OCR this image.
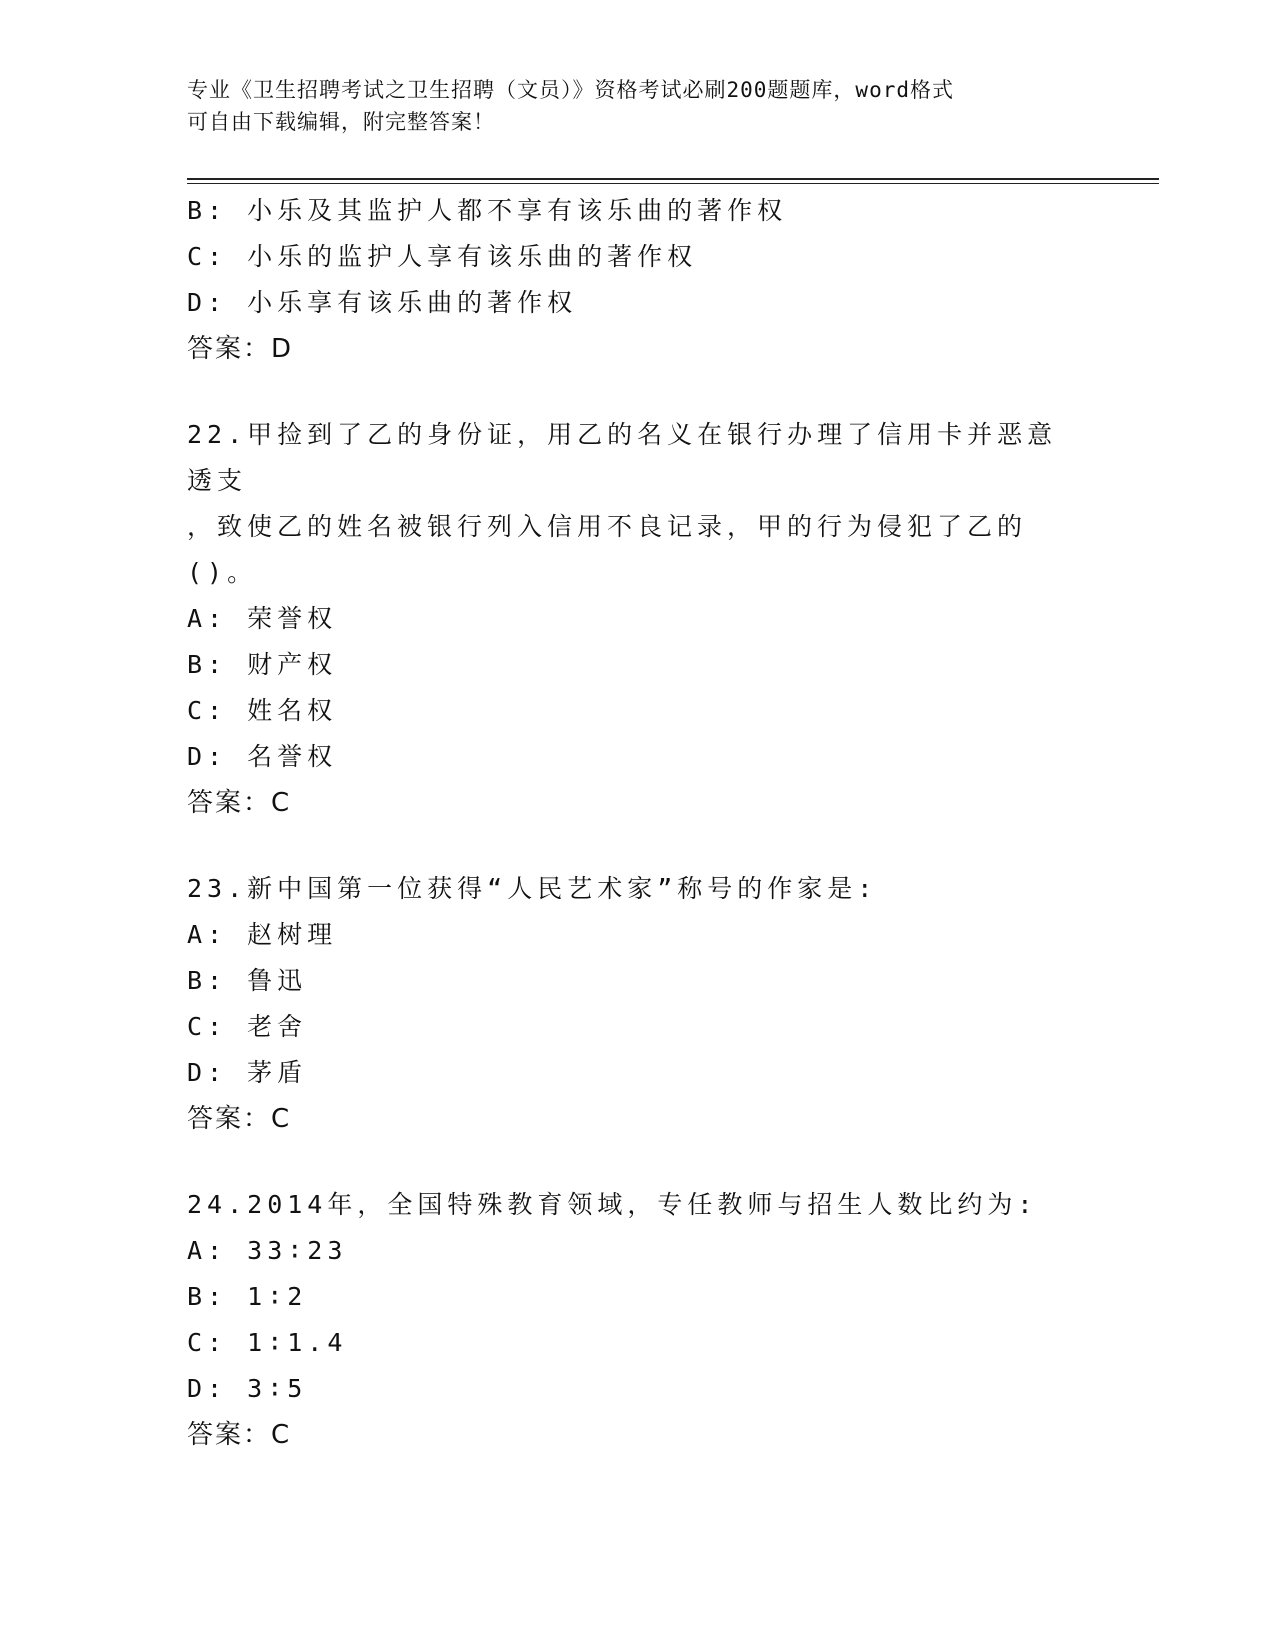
专业《卫生招聘考试之卫生招聘（文员）》资格考试必刷200题题库，word格式
可自由下载编辑，附完整答案！
B: 小乐及其监护人都不享有该乐曲的著作权
C: 小乐的监护人享有该乐曲的著作权
D: 小乐享有该乐曲的著作权
答案：D
22.甲捡到了乙的身份证，用乙的名义在银行办理了信用卡并恶意透支
，致使乙的姓名被银行列入信用不良记录，甲的行为侵犯了乙的()。
A: 荣誉权
B: 财产权
C: 姓名权
D: 名誉权
答案：C
23.新中国第一位获得“人民艺术家”称号的作家是:
A: 赵树理
B: 鲁迅
C: 老舍
D: 茅盾
答案：C
24.2014年，全国特殊教育领域，专任教师与招生人数比约为:
A: 33∶23
B: 1∶2
C: 1∶1.4
D: 3∶5
答案：C
